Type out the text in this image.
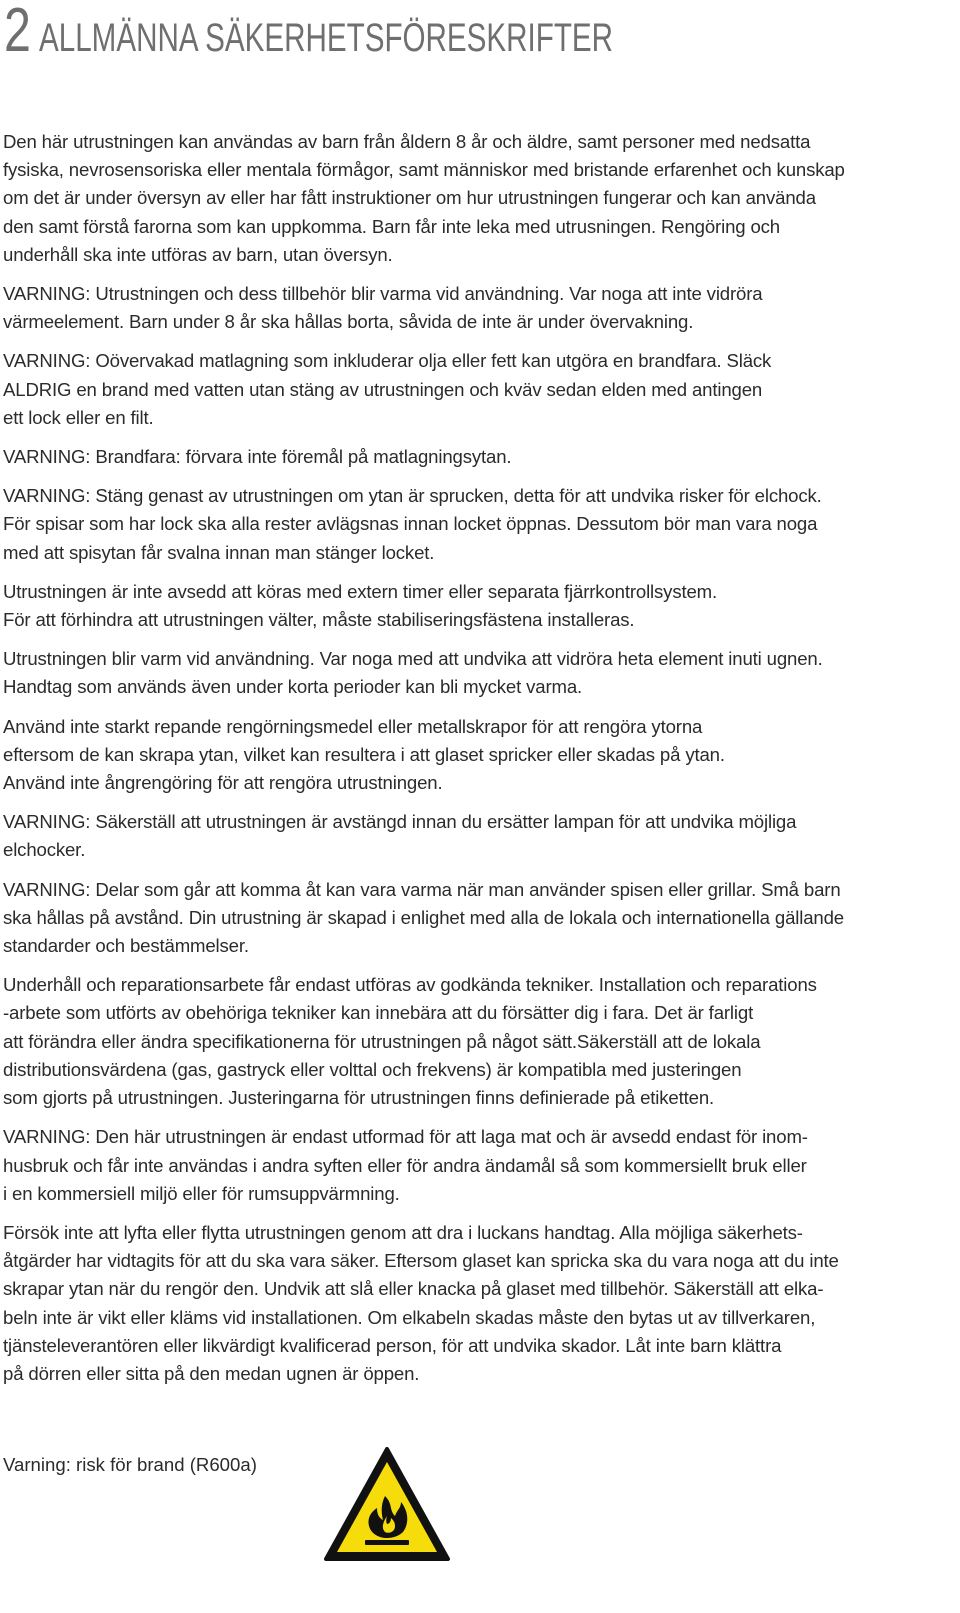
2 ALLMÄNNA SÄKERHETSFÖRESKRIFTER

Den här utrustningen kan användas av barn från åldern 8 år och äldre, samt personer med nedsatta
fysiska, nevrosensoriska eller mentala förmågor, samt människor med bristande erfarenhet och kunskap
om det är under översyn av eller har fått instruktioner om hur utrustningen fungerar och kan använda
den samt förstå farorna som kan uppkomma. Barn får inte leka med utrusningen. Rengöring och
underhåll ska inte utföras av barn, utan översyn.

VARNING: Utrustningen och dess tillbehör blir varma vid användning. Var noga att inte vidröra
värmeelement. Barn under 8 år ska hållas borta, såvida de inte är under övervakning.

VARNING: Oövervakad matlagning som inkluderar olja eller fett kan utgöra en brandfara. Släck
ALDRIG en brand med vatten utan stäng av utrustningen och kväv sedan elden med antingen
ett lock eller en filt.

VARNING: Brandfara: förvara inte föremål på matlagningsytan.

VARNING: Stäng genast av utrustningen om ytan är sprucken, detta för att undvika risker för elchock.
För spisar som har lock ska alla rester avlägsnas innan locket öppnas. Dessutom bör man vara noga
med att spisytan får svalna innan man stänger locket.

Utrustningen är inte avsedd att köras med extern timer eller separata fjärrkontrollsystem.
För att förhindra att utrustningen välter, måste stabiliseringsfästena installeras.

Utrustningen blir varm vid användning. Var noga med att undvika att vidröra heta element inuti ugnen.
Handtag som används även under korta perioder kan bli mycket varma.

Använd inte starkt repande rengörningsmedel eller metallskrapor för att rengöra ytorna
eftersom de kan skrapa ytan, vilket kan resultera i att glaset spricker eller skadas på ytan.
Använd inte ångrengöring för att rengöra utrustningen.

VARNING: Säkerställ att utrustningen är avstängd innan du ersätter lampan för att undvika möjliga
elchocker.

VARNING: Delar som går att komma åt kan vara varma när man använder spisen eller grillar. Små barn
ska hållas på avstånd. Din utrustning är skapad i enlighet med alla de lokala och internationella gällande
standarder och bestämmelser.

Underhåll och reparationsarbete får endast utföras av godkända tekniker. Installation och reparations
-arbete som utförts av obehöriga tekniker kan innebära att du försätter dig i fara. Det är farligt
att förändra eller ändra specifikationerna för utrustningen på något sätt.Säkerställ att de lokala
distributionsvärdena (gas, gastryck eller volttal och frekvens) är kompatibla med justeringen
som gjorts på utrustningen. Justeringarna för utrustningen finns definierade på etiketten.

VARNING: Den här utrustningen är endast utformad för att laga mat och är avsedd endast för inom-
husbruk och får inte användas i andra syften eller för andra ändamål så som kommersiellt bruk eller
i en kommersiell miljö eller för rumsuppvärmning.

Försök inte att lyfta eller flytta utrustningen genom att dra i luckans handtag. Alla möjliga säkerhets-
åtgärder har vidtagits för att du ska vara säker. Eftersom glaset kan spricka ska du vara noga att du inte
skrapar ytan när du rengör den. Undvik att slå eller knacka på glaset med tillbehör. Säkerställ att elka-
beln inte är vikt eller kläms vid installationen. Om elkabeln skadas måste den bytas ut av tillverkaren,
tjänsteleverantören eller likvärdigt kvalificerad person, för att undvika skador. Låt inte barn klättra
på dörren eller sitta på den medan ugnen är öppen.

Varning: risk för brand (R600a)
